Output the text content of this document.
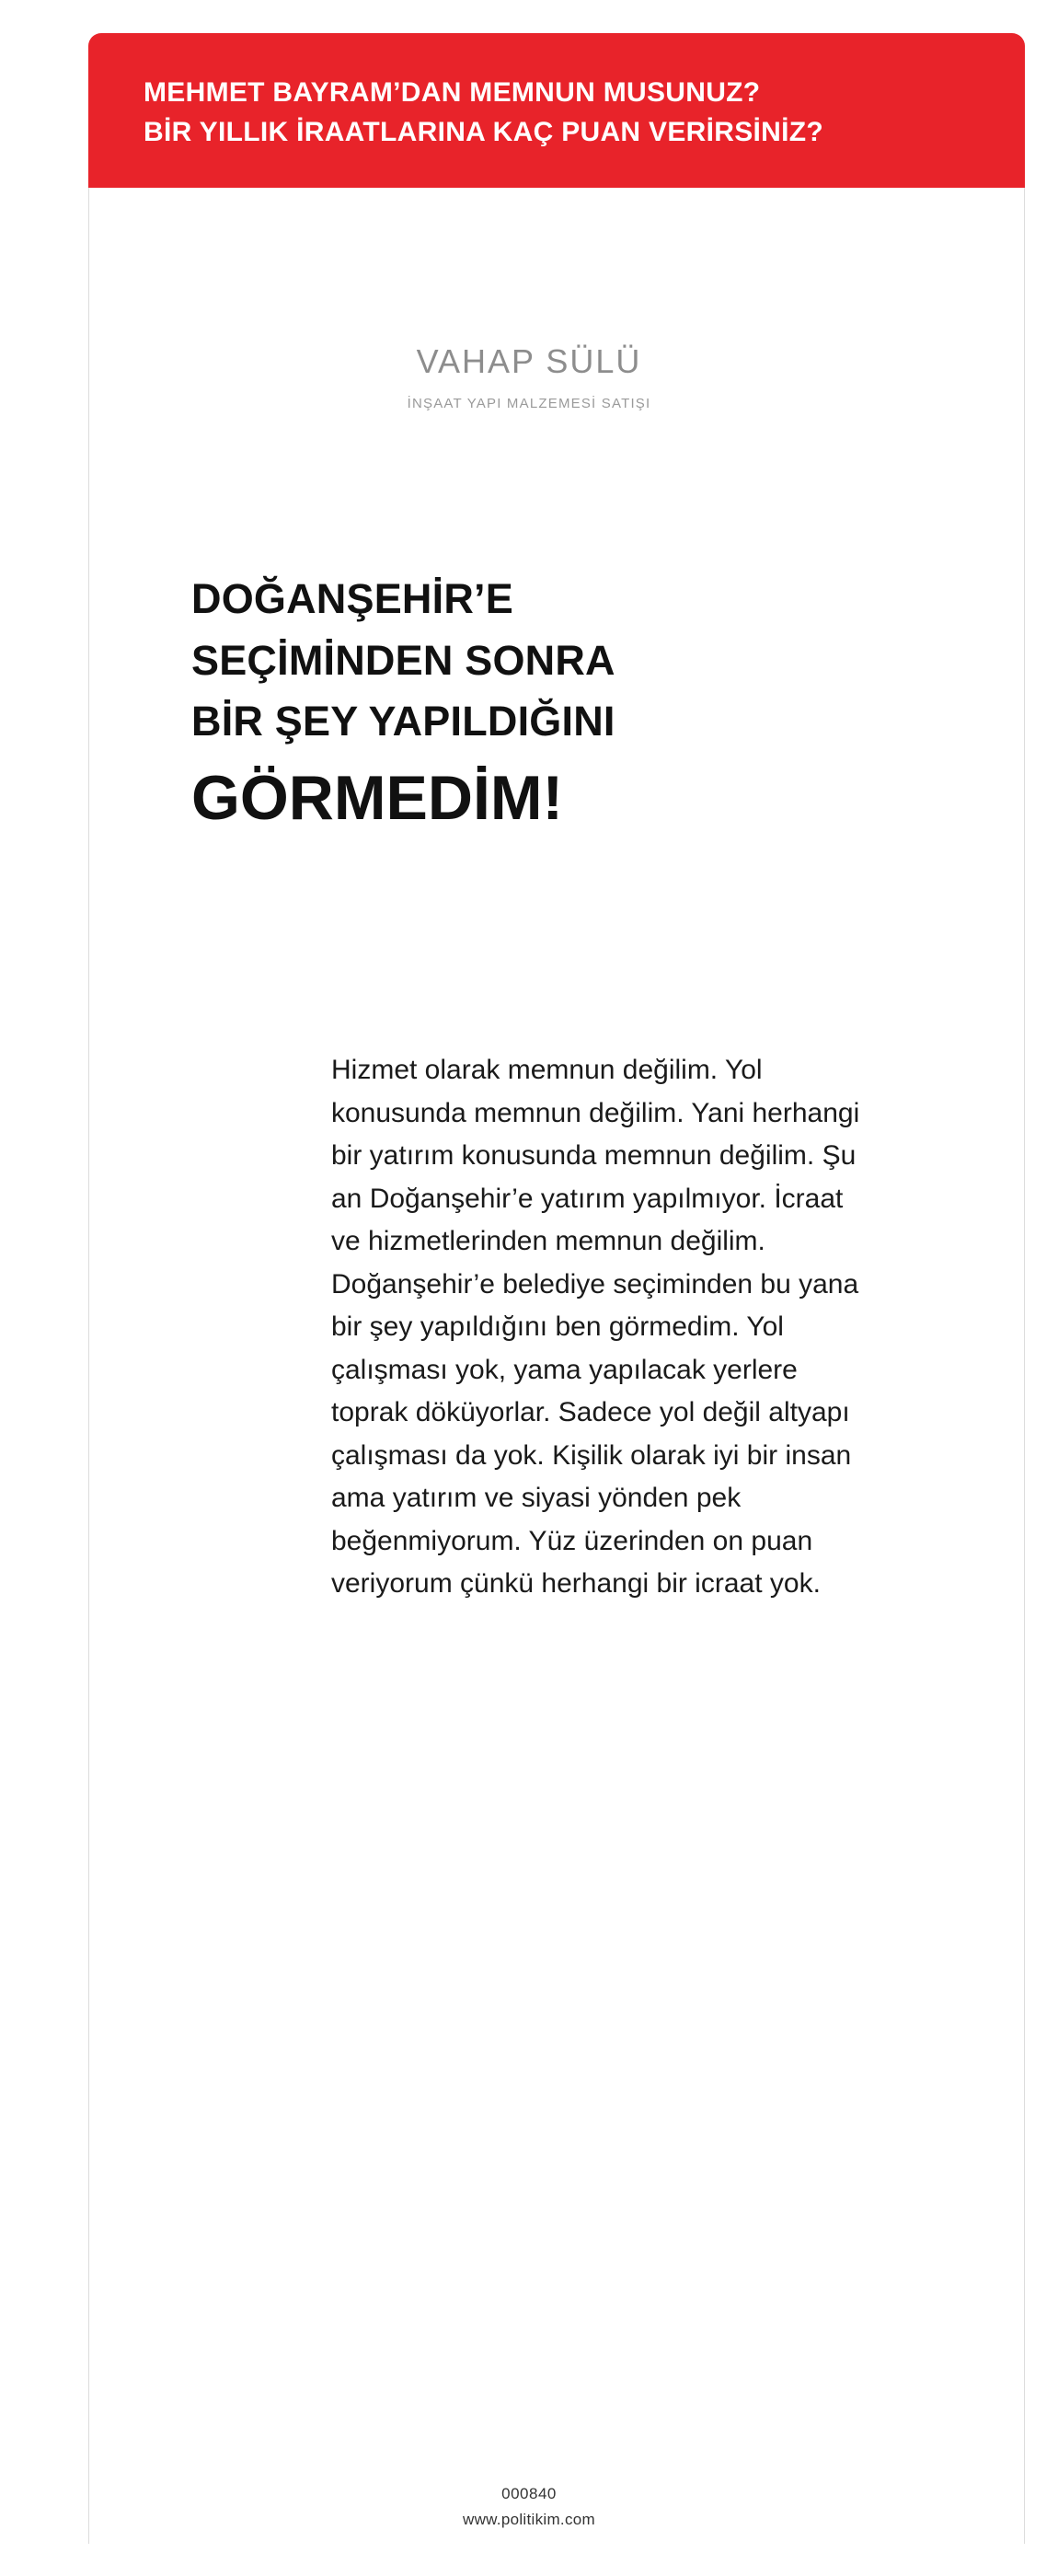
MEHMET BAYRAM’DAN MEMNUN MUSUNUZ?
BİR YILLIK İRAATLARINA KAÇ PUAN VERİRSİNİZ?
VAHAP SÜLÜ
İNŞAAT YAPI MALZEMESİ SATIŞI
DOĞANŞEHİR’E
SEÇİMİNDEN SONRA
BİR ŞEY YAPILDIĞINI
GÖRMEDİM!
Hizmet olarak memnun değilim. Yol konusunda memnun değilim. Yani herhangi bir yatırım konusunda memnun değilim. Şu an Doğanşehir’e yatırım yapılmıyor. İcraat ve hizmetlerinden memnun değilim. Doğanşehir’e belediye seçiminden bu yana bir şey yapıldığını ben görmedim. Yol çalışması yok, yama yapılacak yerlere toprak döküyorlar. Sadece yol değil altyapı çalışması da yok. Kişilik olarak iyi bir insan ama yatırım ve siyasi yönden pek beğenmiyorum. Yüz üzerinden on puan veriyorum çünkü herhangi bir icraat yok.
000840
www.politikim.com
